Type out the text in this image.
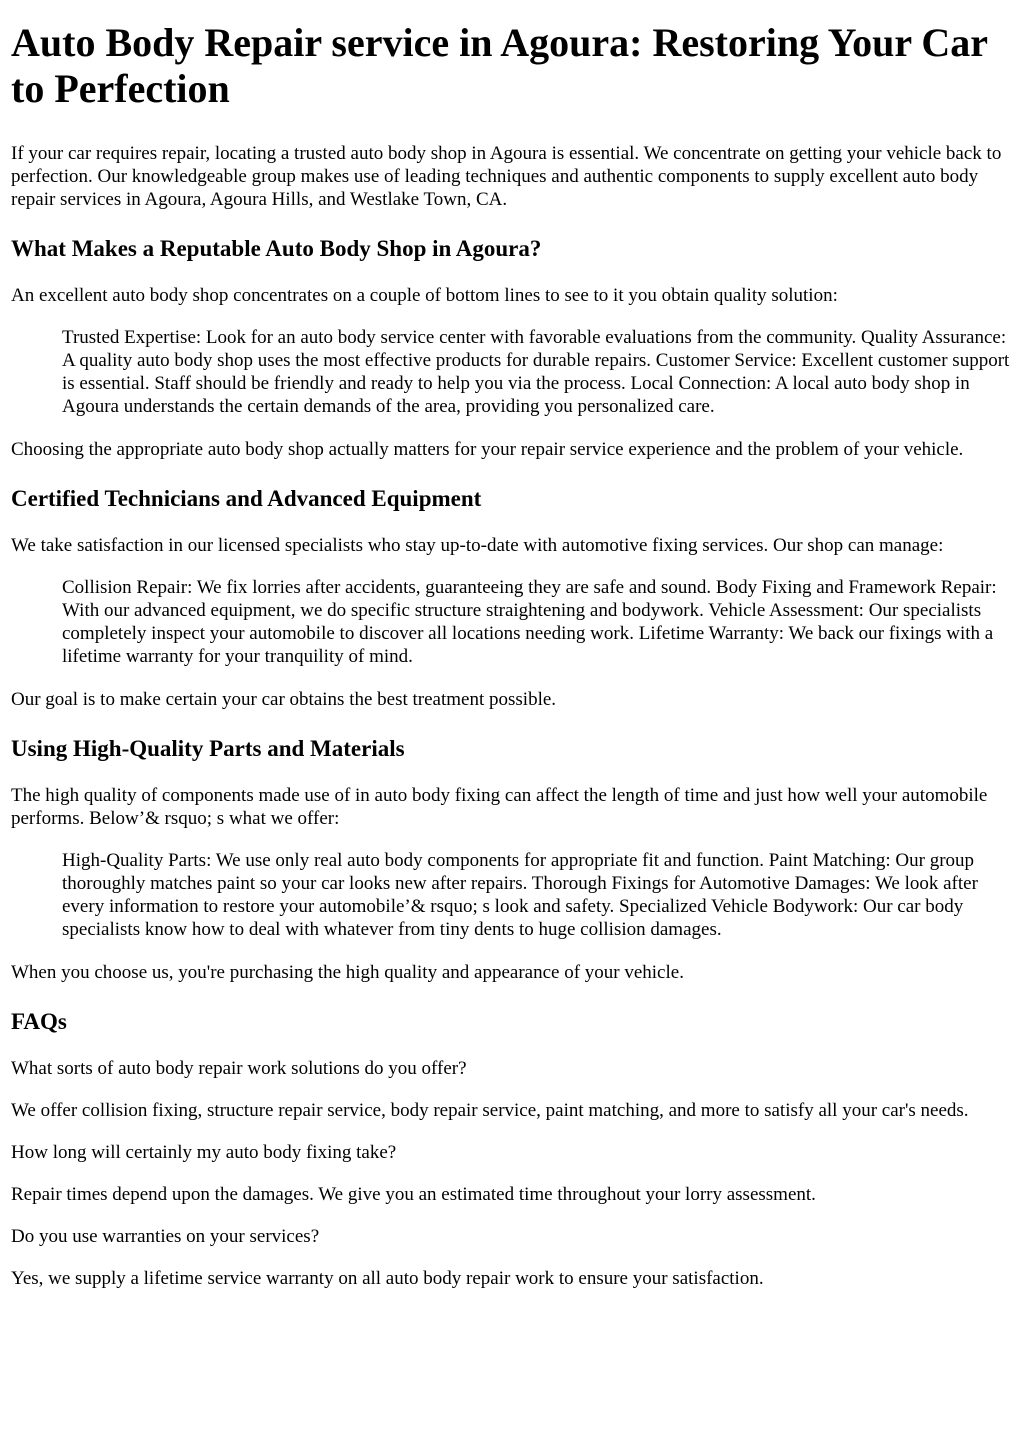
Auto Body Repair service in Agoura: Restoring Your Car to Perfection

If your car requires repair, locating a trusted auto body shop in Agoura is essential. We concentrate on getting your vehicle back to perfection. Our knowledgeable group makes use of leading techniques and authentic components to supply excellent auto body repair services in Agoura, Agoura Hills, and Westlake Town, CA.

What Makes a Reputable Auto Body Shop in Agoura?

An excellent auto body shop concentrates on a couple of bottom lines to see to it you obtain quality solution:

Trusted Expertise: Look for an auto body service center with favorable evaluations from the community. Quality Assurance: A quality auto body shop uses the most effective products for durable repairs. Customer Service: Excellent customer support is essential. Staff should be friendly and ready to help you via the process. Local Connection: A local auto body shop in Agoura understands the certain demands of the area, providing you personalized care.

Choosing the appropriate auto body shop actually matters for your repair service experience and the problem of your vehicle.

Certified Technicians and Advanced Equipment

We take satisfaction in our licensed specialists who stay up-to-date with automotive fixing services. Our shop can manage:

Collision Repair: We fix lorries after accidents, guaranteeing they are safe and sound. Body Fixing and Framework Repair: With our advanced equipment, we do specific structure straightening and bodywork. Vehicle Assessment: Our specialists completely inspect your automobile to discover all locations needing work. Lifetime Warranty: We back our fixings with a lifetime warranty for your tranquility of mind.

Our goal is to make certain your car obtains the best treatment possible.

Using High-Quality Parts and Materials

The high quality of components made use of in auto body fixing can affect the length of time and just how well your automobile performs. Below’& rsquo; s what we offer:

High-Quality Parts: We use only real auto body components for appropriate fit and function. Paint Matching: Our group thoroughly matches paint so your car looks new after repairs. Thorough Fixings for Automotive Damages: We look after every information to restore your automobile’& rsquo; s look and safety. Specialized Vehicle Bodywork: Our car body specialists know how to deal with whatever from tiny dents to huge collision damages.

When you choose us, you're purchasing the high quality and appearance of your vehicle.

FAQs

What sorts of auto body repair work solutions do you offer?

We offer collision fixing, structure repair service, body repair service, paint matching, and more to satisfy all your car's needs.

How long will certainly my auto body fixing take?

Repair times depend upon the damages. We give you an estimated time throughout your lorry assessment.

Do you use warranties on your services?

Yes, we supply a lifetime service warranty on all auto body repair work to ensure your satisfaction.
